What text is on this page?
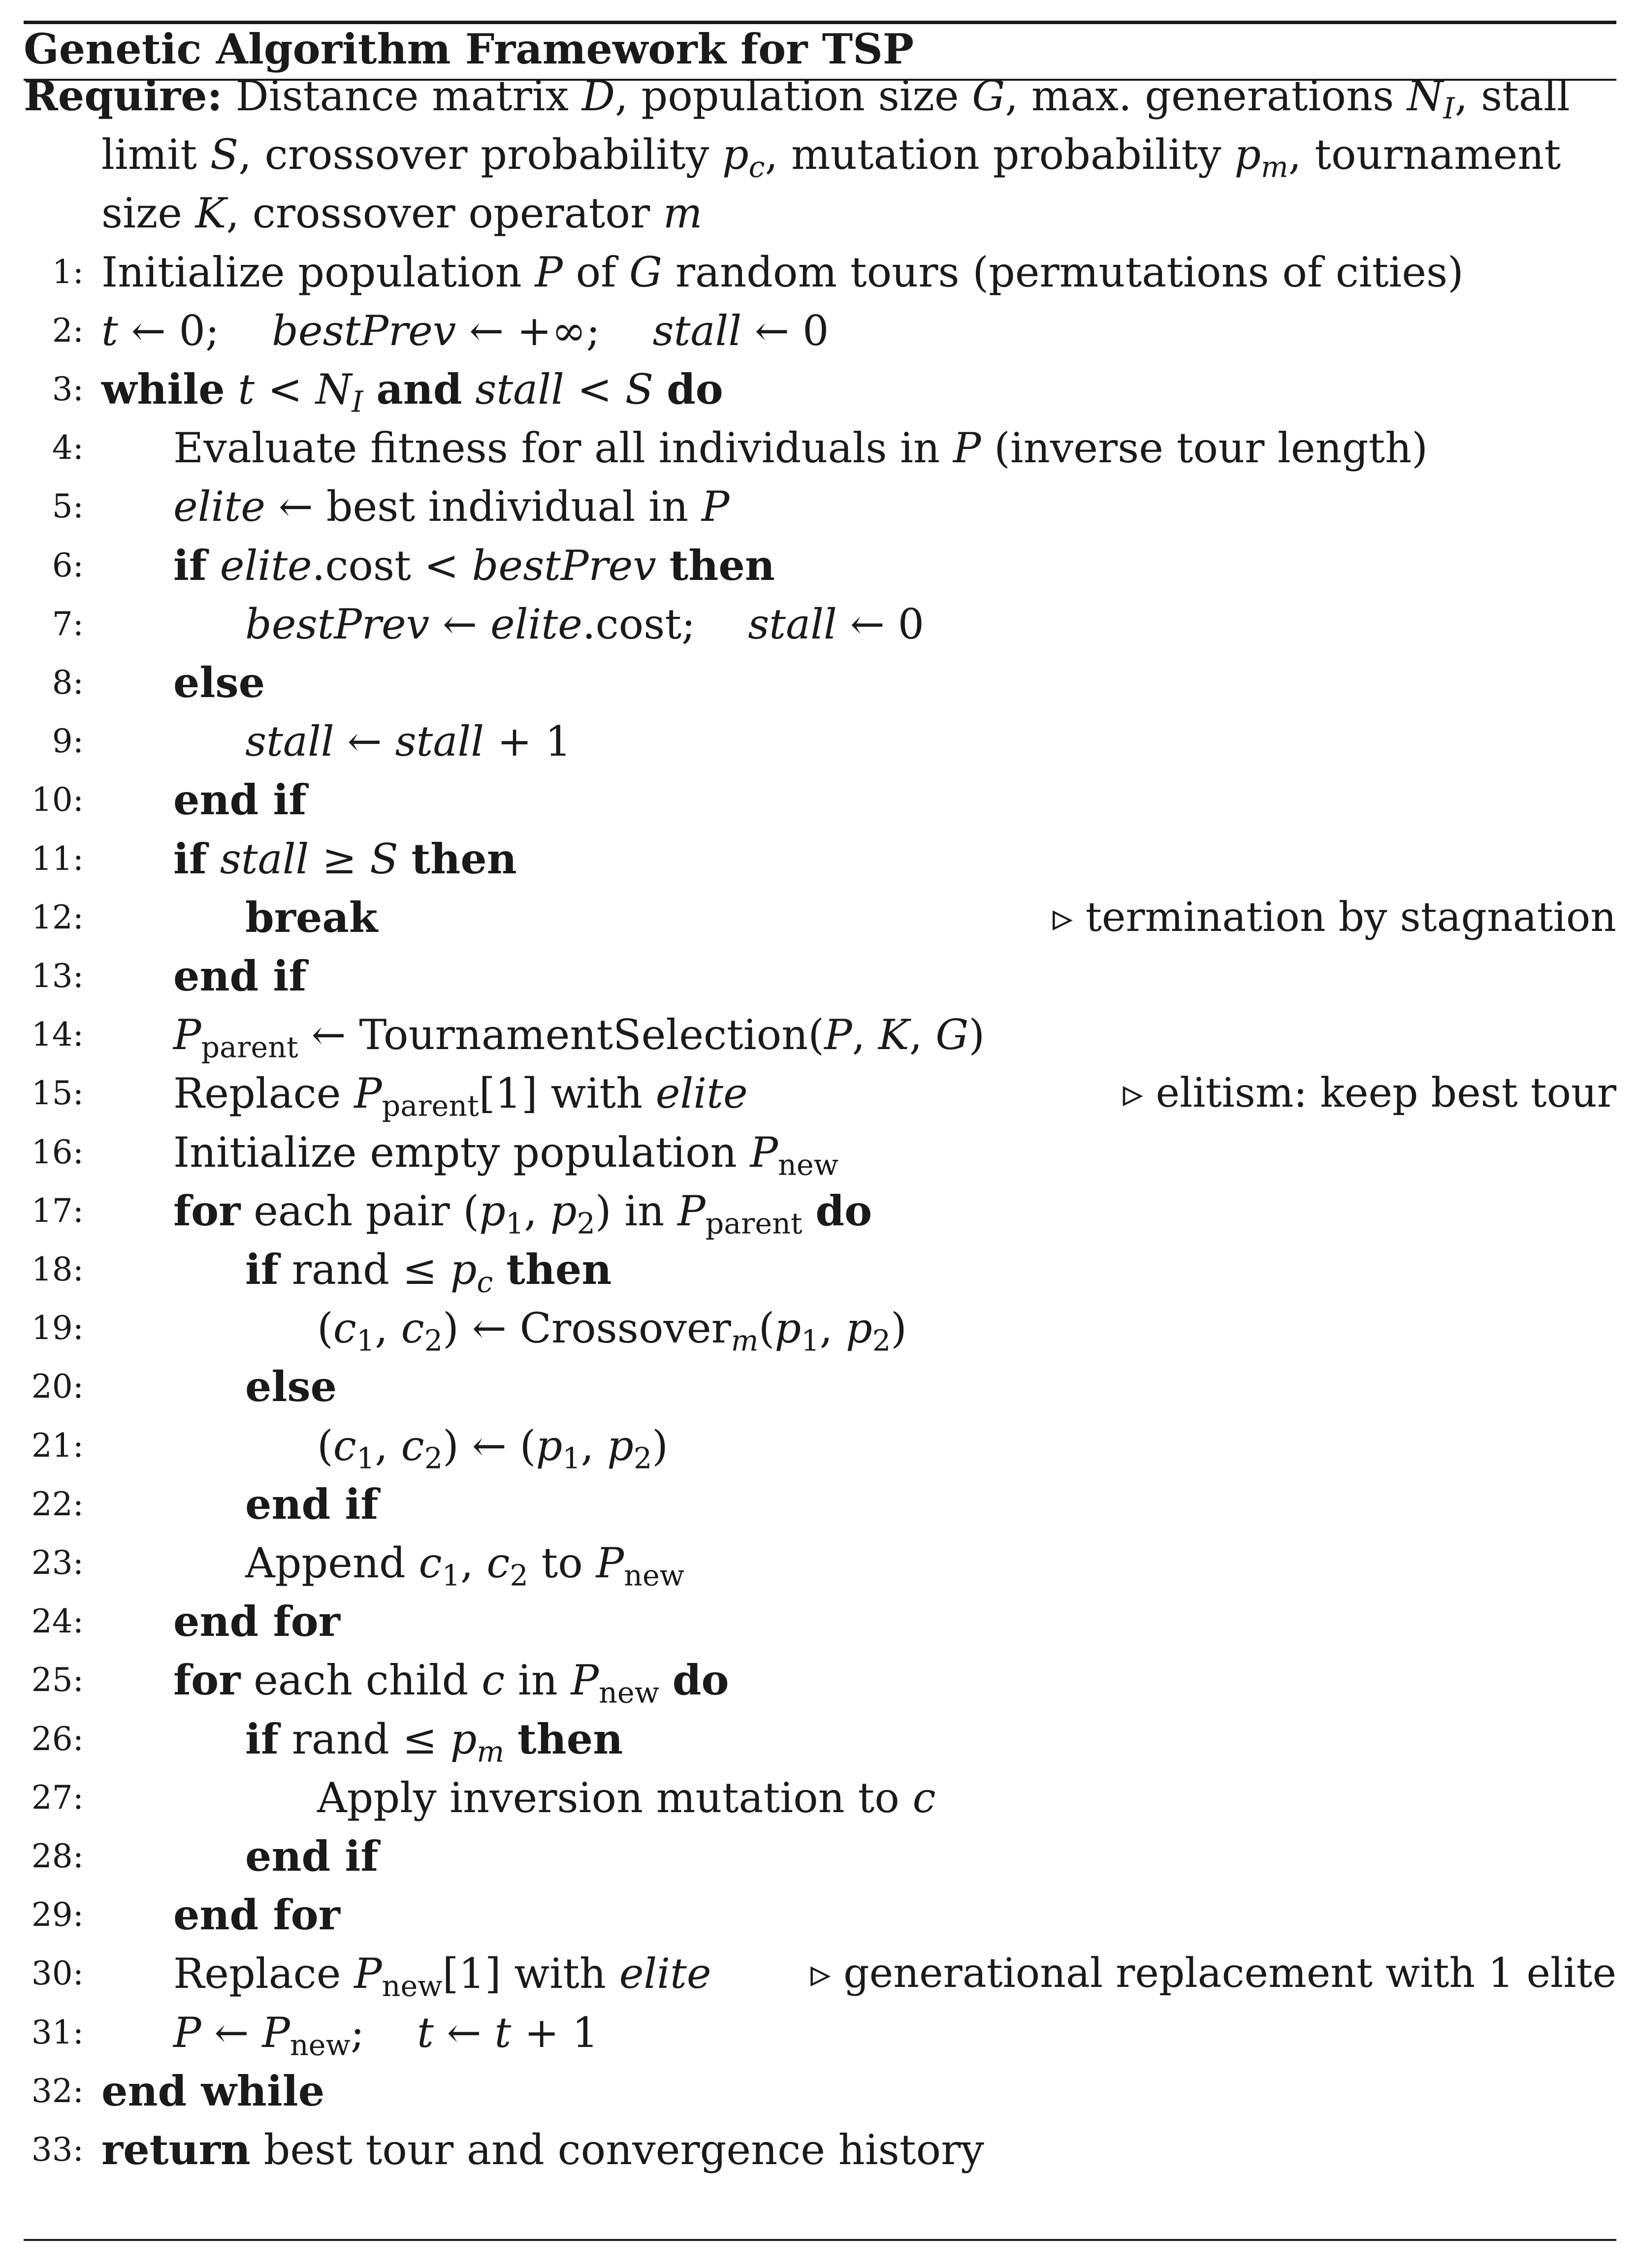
Genetic Algorithm Framework for TSP
Require: Distance matrix D, population size G, max. generations $N_I$, stall
limit S, crossover probability $p_c$, mutation probability $p_m$, tournament
size K, crossover operator m
1: Initialize population P of G random tours (permutations of cities)
2: t ← 0;    bestPrev ← +∞;    stall ← 0
3: while $t < N_I$ and stall < S do
4: Evaluate fitness for all individuals in P (inverse tour length)
5: elite ← best individual in P
6: if elite.cost < bestPrev then
7:	bestPrev ← elite.cost;    stall ← 0
8: else
9:	stall ← stall + 1
10: end if
11: if stall ≥ S then
12:	break	▹ termination by stagnation
13: end if
14: $P_{parent}$ ← TournamentSelection(P, K, G)
15: Replace $P_{parent}[1]$ with elite	▹ elitism: keep best tour
16: Initialize empty population $P_{new}$
17: for each pair ($p_1$, $p_2$) in $P_{parent}$ do
18:	if rand ≤ $p_c$ then
19:	($c_1$, $c_2$) ← $Crossover_m(p_1$, $p_2$)
20:	else
21:	($c_1$, $c_2$) ← ($p_1$, $p_2$)
22:	end if
23:	Append $c_1$, $c_2$ to $P_{new}$
24: end for
25: for each child c in $P_{new}$ do
26:	if rand ≤ $p_m$ then
27:	Apply inversion mutation to c
28:	end if
29: end for
30: Replace $P_{new}[1]$ with elite ▹ generational replacement with 1 elite
31: P ← $P_{new}$;    t ← t + 1
32: end while
33: return best tour and convergence history
